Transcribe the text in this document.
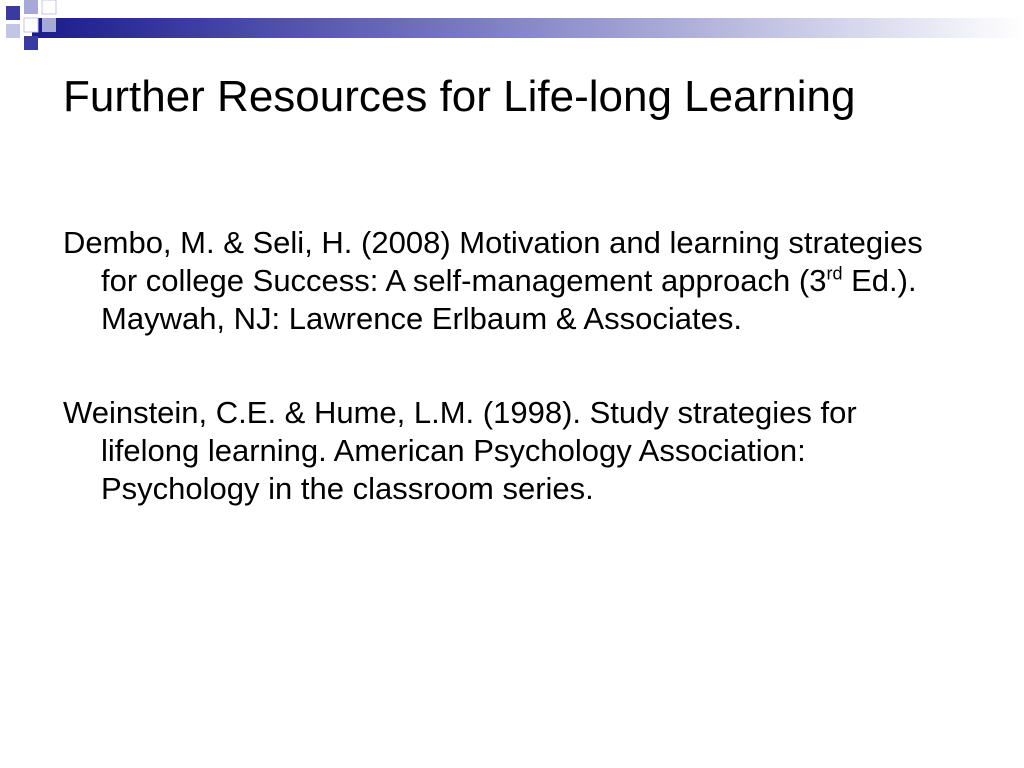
Further Resources for Life-long Learning

Dembo, M. & Seli, H. (2008) Motivation and learning strategies for college Success: A self-management approach (3rd Ed.). Maywah, NJ: Lawrence Erlbaum & Associates.

Weinstein, C.E. & Hume, L.M. (1998). Study strategies for lifelong learning. American Psychology Association: Psychology in the classroom series.
